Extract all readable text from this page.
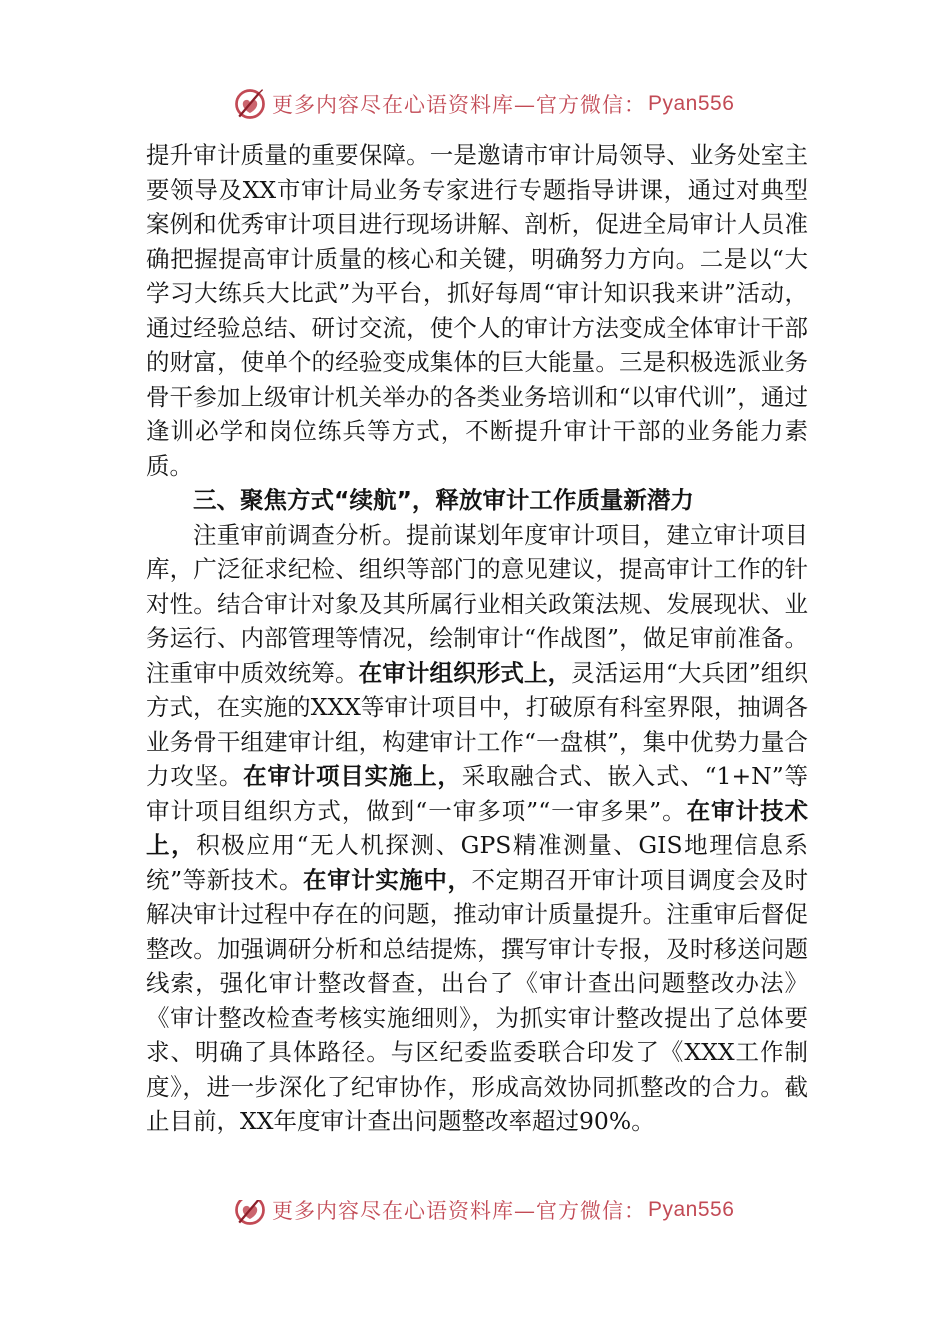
更多内容尽在心语资料库—官方微信： Pyan556

提升审计质量的重要保障。一是邀请市审计局领导、业务处室主要领导及XX市审计局业务专家进行专题指导讲课，通过对典型案例和优秀审计项目进行现场讲解、剖析，促进全局审计人员准确把握提高审计质量的核心和关键，明确努力方向。二是以“大学习大练兵大比武”为平台，抓好每周“审计知识我来讲”活动，通过经验总结、研讨交流，使个人的审计方法变成全体审计干部的财富，使单个的经验变成集体的巨大能量。三是积极选派业务骨干参加上级审计机关举办的各类业务培训和“以审代训”，通过逢训必学和岗位练兵等方式，不断提升审计干部的业务能力素质。

三、聚焦方式“续航”，释放审计工作质量新潜力

注重审前调查分析。提前谋划年度审计项目，建立审计项目库，广泛征求纪检、组织等部门的意见建议，提高审计工作的针对性。结合审计对象及其所属行业相关政策法规、发展现状、业务运行、内部管理等情况，绘制审计“作战图”，做足审前准备。注重审中质效统筹。在审计组织形式上，灵活运用“大兵团”组织方式，在实施的XXX等审计项目中，打破原有科室界限，抽调各业务骨干组建审计组，构建审计工作“一盘棋”，集中优势力量合力攻坚。在审计项目实施上，采取融合式、嵌入式、“1+N”等审计项目组织方式，做到“一审多项”“一审多果”。在审计技术上，积极应用“无人机探测、GPS精准测量、GIS地理信息系统”等新技术。在审计实施中，不定期召开审计项目调度会及时解决审计过程中存在的问题，推动审计质量提升。注重审后督促整改。加强调研分析和总结提炼，撰写审计专报，及时移送问题线索，强化审计整改督查，出台了《审计查出问题整改办法》《审计整改检查考核实施细则》，为抓实审计整改提出了总体要求、明确了具体路径。与区纪委监委联合印发了《XXX工作制度》，进一步深化了纪审协作，形成高效协同抓整改的合力。截止目前，XX年度审计查出问题整改率超过90%。

更多内容尽在心语资料库—官方微信： Pyan556
